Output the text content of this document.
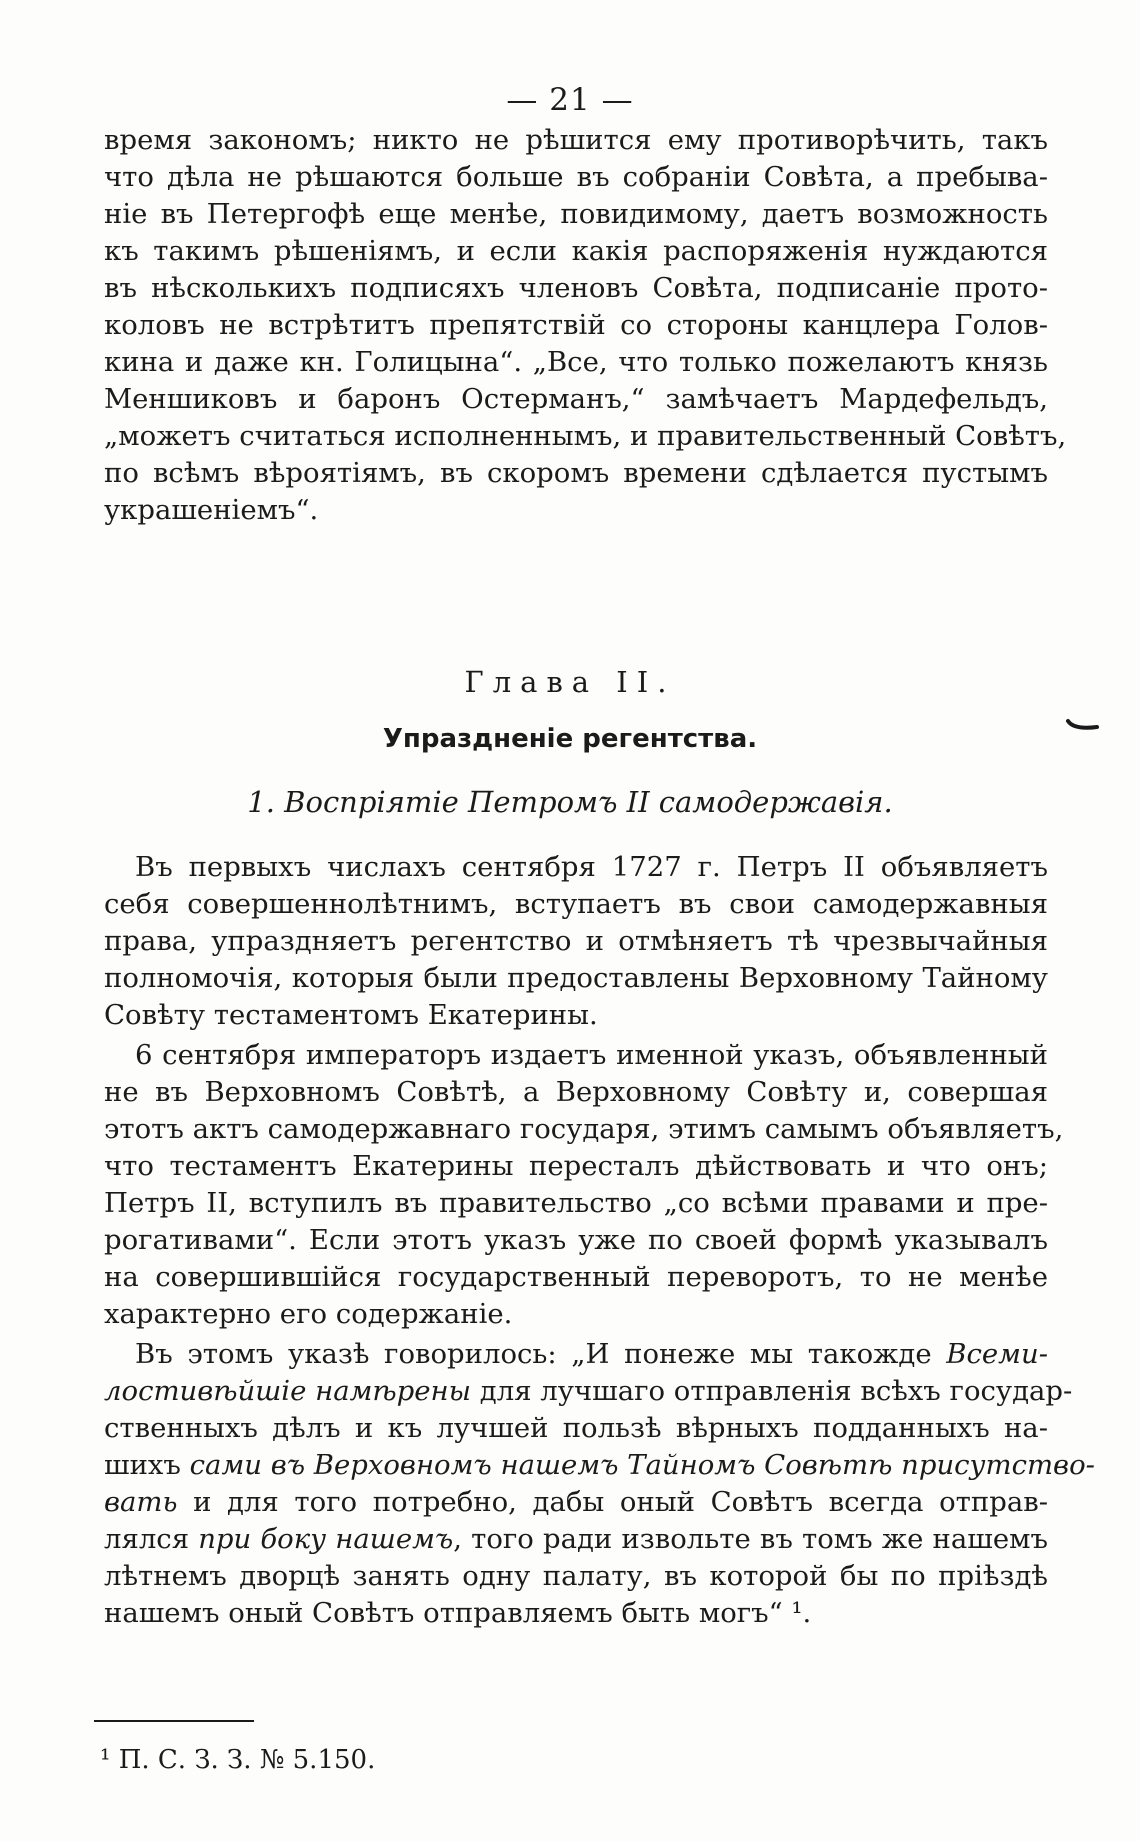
— 21 —
время закономъ; никто не рѣшится ему противорѣчить, такъ
что дѣла не рѣшаются больше въ собраніи Совѣта, а пребыва-
ніе въ Петергофѣ еще менѣе, повидимому, даетъ возможность
къ такимъ рѣшеніямъ, и если какія распоряженія нуждаются
въ нѣсколькихъ подписяхъ членовъ Совѣта, подписаніе прото-
коловъ не встрѣтитъ препятствій со стороны канцлера Голов-
кина и даже кн. Голицына“. „Все, что только пожелаютъ князь
Меншиковъ и баронъ Остерманъ,“ замѣчаетъ Мардефельдъ,
„можетъ считаться исполненнымъ, и правительственный Совѣтъ,
по всѣмъ вѣроятіямъ, въ скоромъ времени сдѣлается пустымъ
украшеніемъ“.
Глава II.
Упраздненіе регентства.
1. Воспріятіе Петромъ II самодержавія.
Въ первыхъ числахъ сентября 1727 г. Петръ II объявляетъ
себя совершеннолѣтнимъ, вступаетъ въ свои самодержавныя
права, упраздняетъ регентство и отмѣняетъ тѣ чрезвычайныя
полномочія, которыя были предоставлены Верховному Тайному
Совѣту тестаментомъ Екатерины.
6 сентября императоръ издаетъ именной указъ, объявленный
не въ Верховномъ Совѣтѣ, а Верховному Совѣту и, совершая
этотъ актъ самодержавнаго государя, этимъ самымъ объявляетъ,
что тестаментъ Екатерины пересталъ дѣйствовать и что онъ;
Петръ II, вступилъ въ правительство „со всѣми правами и пре-
рогативами“. Если этотъ указъ уже по своей формѣ указывалъ
на совершившійся государственный переворотъ, то не менѣе
характерно его содержаніе.
Въ этомъ указѣ говорилось: „И понеже мы такожде Всеми-
лостивѣйшіе намѣрены для лучшаго отправленія всѣхъ государ-
ственныхъ дѣлъ и къ лучшей пользѣ вѣрныхъ подданныхъ на-
шихъ сами въ Верховномъ нашемъ Тайномъ Совѣтѣ присутство-
вать и для того потребно, дабы оный Совѣтъ всегда отправ-
лялся при боку нашемъ, того ради извольте въ томъ же нашемъ
лѣтнемъ дворцѣ занять одну палату, въ которой бы по пріѣздѣ
нашемъ оный Совѣтъ отправляемъ быть могъ“ ¹.
¹ П. С. З. З. № 5.150.
